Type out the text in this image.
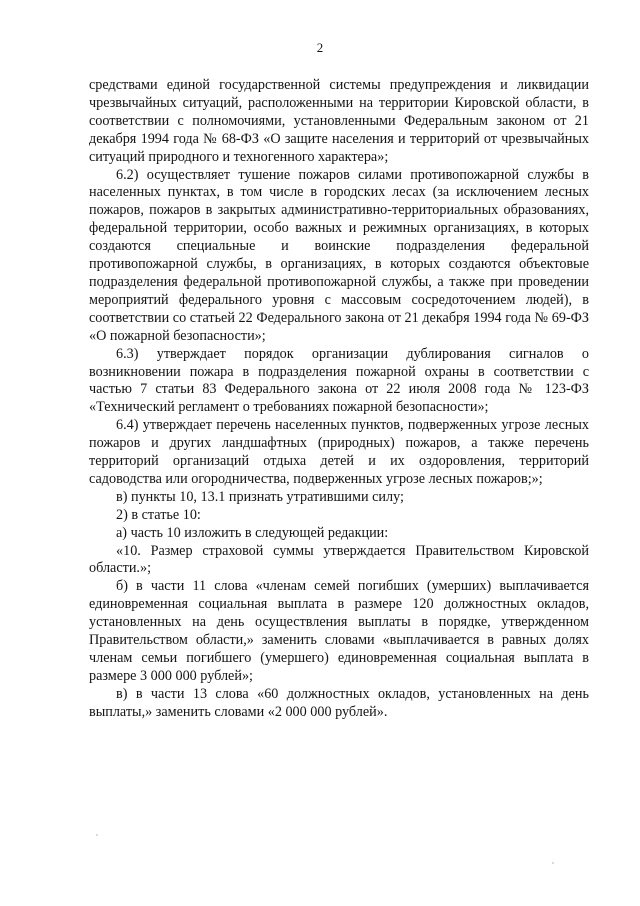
2

средствами единой государственной системы предупреждения и ликвидации чрезвычайных ситуаций, расположенными на территории Кировской области, в соответствии с полномочиями, установленными Федеральным законом от 21 декабря 1994 года № 68-ФЗ «О защите населения и территорий от чрезвычайных ситуаций природного и техногенного характера»;

6.2) осуществляет тушение пожаров силами противопожарной службы в населенных пунктах, в том числе в городских лесах (за исключением лесных пожаров, пожаров в закрытых административно-территориальных образованиях, федеральной территории, особо важных и режимных организациях, в которых создаются специальные и воинские подразделения федеральной противопожарной службы, в организациях, в которых создаются объектовые подразделения федеральной противопожарной службы, а также при проведении мероприятий федерального уровня с массовым сосредоточением людей), в соответствии со статьей 22 Федерального закона от 21 декабря 1994 года № 69-ФЗ «О пожарной безопасности»;

6.3) утверждает порядок организации дублирования сигналов о возникновении пожара в подразделения пожарной охраны в соответствии с частью 7 статьи 83 Федерального закона от 22 июля 2008 года № 123-ФЗ «Технический регламент о требованиях пожарной безопасности»;

6.4) утверждает перечень населенных пунктов, подверженных угрозе лесных пожаров и других ландшафтных (природных) пожаров, а также перечень территорий организаций отдыха детей и их оздоровления, территорий садоводства или огородничества, подверженных угрозе лесных пожаров;»;

в) пункты 10, 13.1 признать утратившими силу;

2) в статье 10:

а) часть 10 изложить в следующей редакции:

«10. Размер страховой суммы утверждается Правительством Кировской области.»;

б) в части 11 слова «членам семей погибших (умерших) выплачивается единовременная социальная выплата в размере 120 должностных окладов, установленных на день осуществления выплаты в порядке, утвержденном Правительством области,» заменить словами «выплачивается в равных долях членам семьи погибшего (умершего) единовременная социальная выплата в размере 3 000 000 рублей»;

в) в части 13 слова «60 должностных окладов, установленных на день выплаты,» заменить словами «2 000 000 рублей».
